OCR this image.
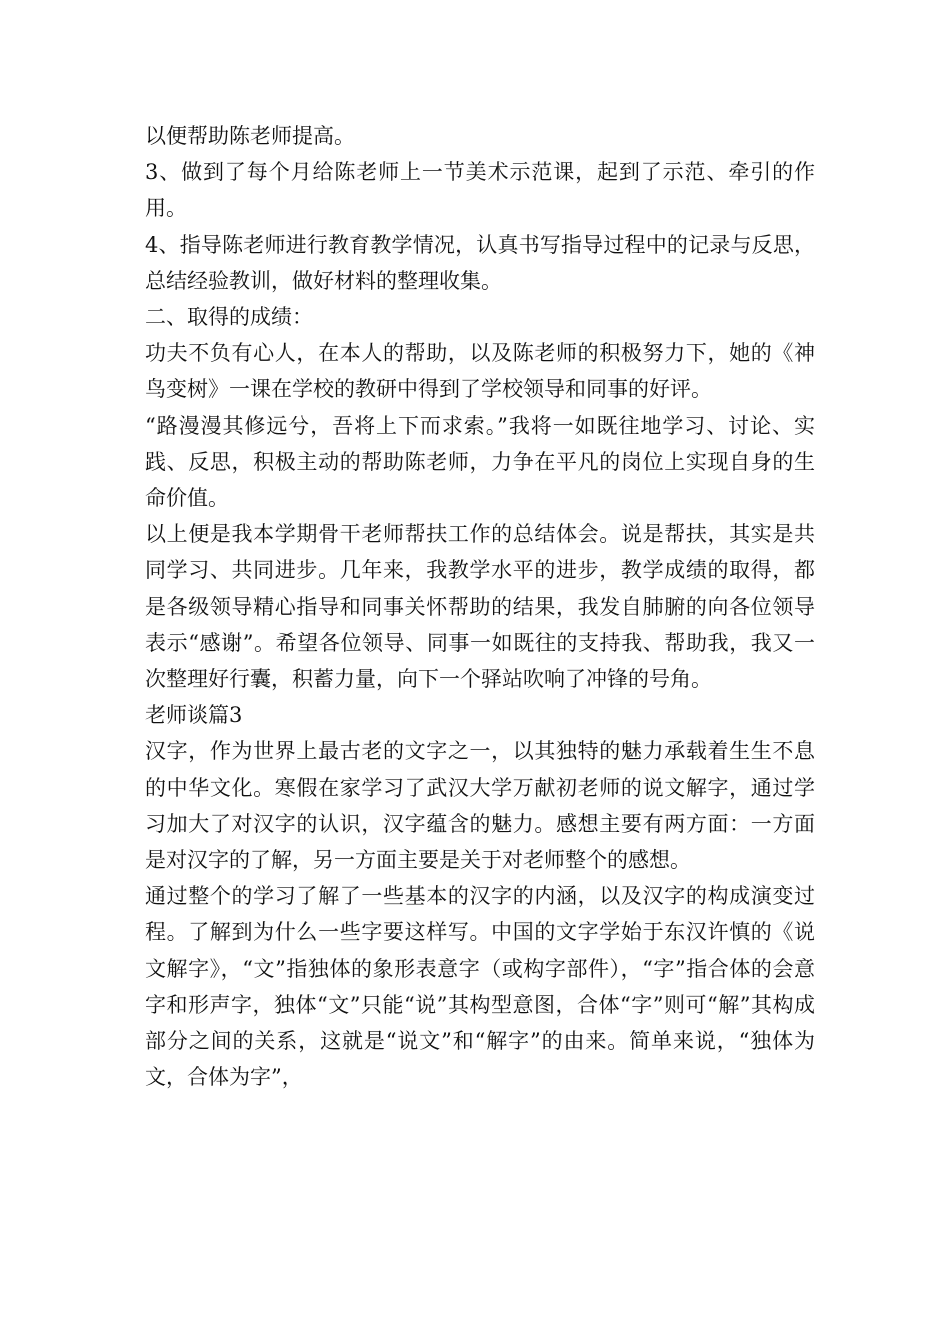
以便帮助陈老师提高。

3、做到了每个月给陈老师上一节美术示范课，起到了示范、牵引的作用。

4、指导陈老师进行教育教学情况，认真书写指导过程中的记录与反思，总结经验教训，做好材料的整理收集。

二、取得的成绩：

功夫不负有心人，在本人的帮助，以及陈老师的积极努力下，她的《神鸟变树》一课在学校的教研中得到了学校领导和同事的好评。

“路漫漫其修远兮，吾将上下而求索。”我将一如既往地学习、讨论、实践、反思，积极主动的帮助陈老师，力争在平凡的岗位上实现自身的生命价值。

以上便是我本学期骨干老师帮扶工作的总结体会。说是帮扶，其实是共同学习、共同进步。几年来，我教学水平的进步，教学成绩的取得，都是各级领导精心指导和同事关怀帮助的结果，我发自肺腑的向各位领导表示“感谢”。希望各位领导、同事一如既往的支持我、帮助我，我又一次整理好行囊，积蓄力量，向下一个驿站吹响了冲锋的号角。

老师谈篇3

汉字，作为世界上最古老的文字之一，以其独特的魅力承载着生生不息的中华文化。寒假在家学习了武汉大学万献初老师的说文解字，通过学习加大了对汉字的认识，汉字蕴含的魅力。感想主要有两方面：一方面是对汉字的了解，另一方面主要是关于对老师整个的感想。

通过整个的学习了解了一些基本的汉字的内涵，以及汉字的构成演变过程。了解到为什么一些字要这样写。中国的文字学始于东汉许慎的《说文解字》，“文”指独体的象形表意字（或构字部件），“字”指合体的会意字和形声字，独体“文”只能“说”其构型意图，合体“字”则可“解”其构成部分之间的关系，这就是“说文”和“解字”的由来。简单来说，“独体为文，合体为字”，
